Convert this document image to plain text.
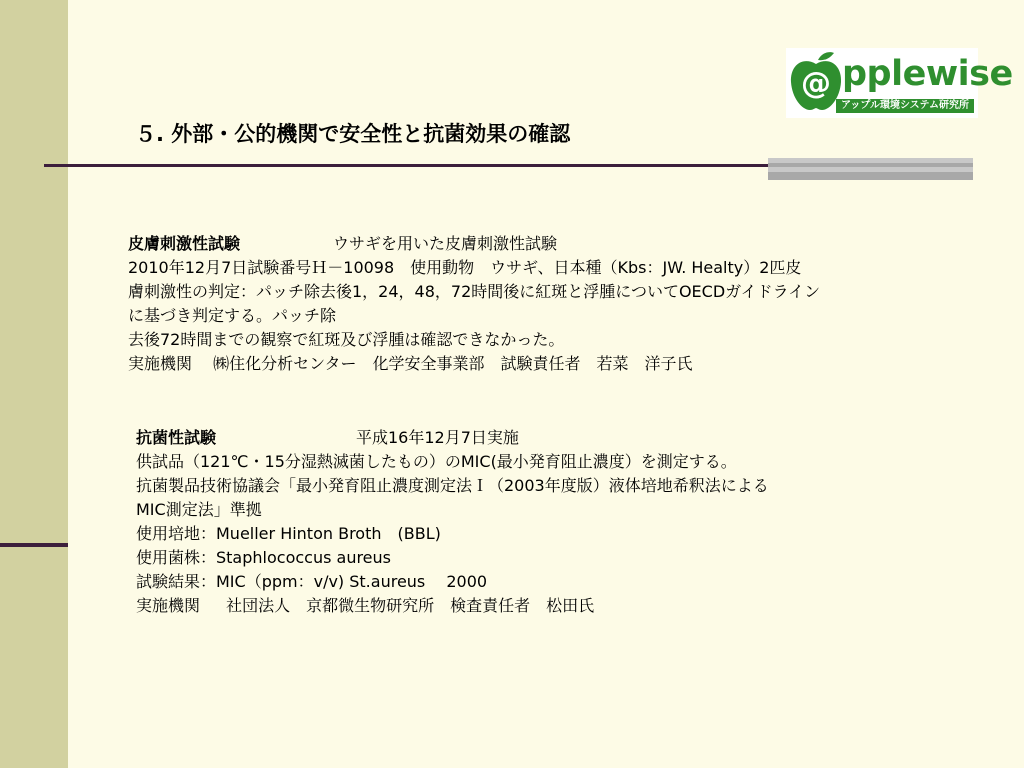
@ pplewise
アップル環境システム研究所
５. 外部・公的機関で安全性と抗菌効果の確認
皮膚刺激性試験	ウサギを用いた皮膚刺激性試験
2010年12月7日試験番号Ｈ－10098　使用動物　ウサギ、日本種（Kbs：JW. Healty）2匹皮
膚刺激性の判定：パッチ除去後1，24，48，72時間後に紅斑と浮腫についてOECDガイドライン
に基づき判定する。パッチ除
去後72時間までの観察で紅斑及び浮腫は確認できなかった。
実施機関　 ㈱住化分析センター　化学安全事業部　試験責任者　若菜　洋子氏
抗菌性試験	平成16年12月7日実施
供試品（121℃・15分湿熱滅菌したもの）のMIC(最小発育阻止濃度）を測定する。
抗菌製品技術協議会「最小発育阻止濃度測定法Ｉ（2003年度版）液体培地希釈法による
MIC測定法」準拠
使用培地：Mueller Hinton Broth　(BBL)
使用菌株：Staphlococcus aureus
試験結果：MIC（ppm：v/v) St.aureus　 2000
実施機関 　 社団法人　京都微生物研究所　検査責任者　松田氏
